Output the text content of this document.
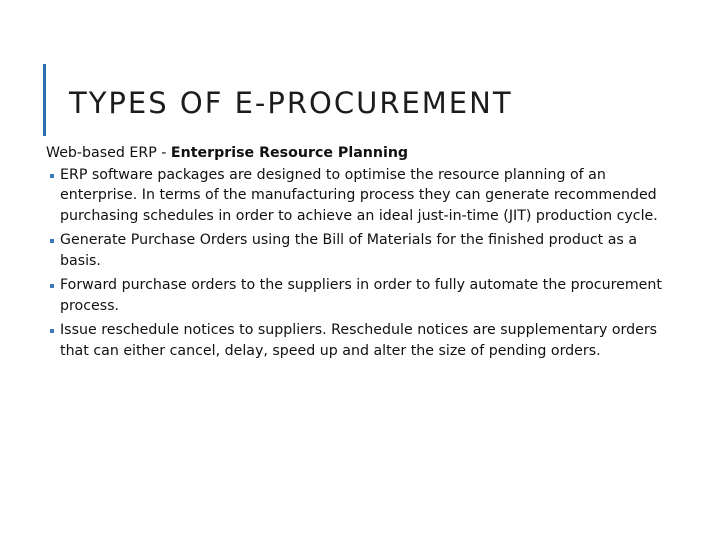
TYPES OF E-PROCUREMENT

Web-based ERP - Enterprise Resource Planning

ERP software packages are designed to optimise the resource planning of an enterprise. In terms of the manufacturing process they can generate recommended purchasing schedules in order to achieve an ideal just-in-time (JIT) production cycle.
Generate Purchase Orders using the Bill of Materials for the finished product as a basis.
Forward purchase orders to the suppliers in order to fully automate the procurement process.
Issue reschedule notices to suppliers. Reschedule notices are supplementary orders that can either cancel, delay, speed up and alter the size of pending orders.
